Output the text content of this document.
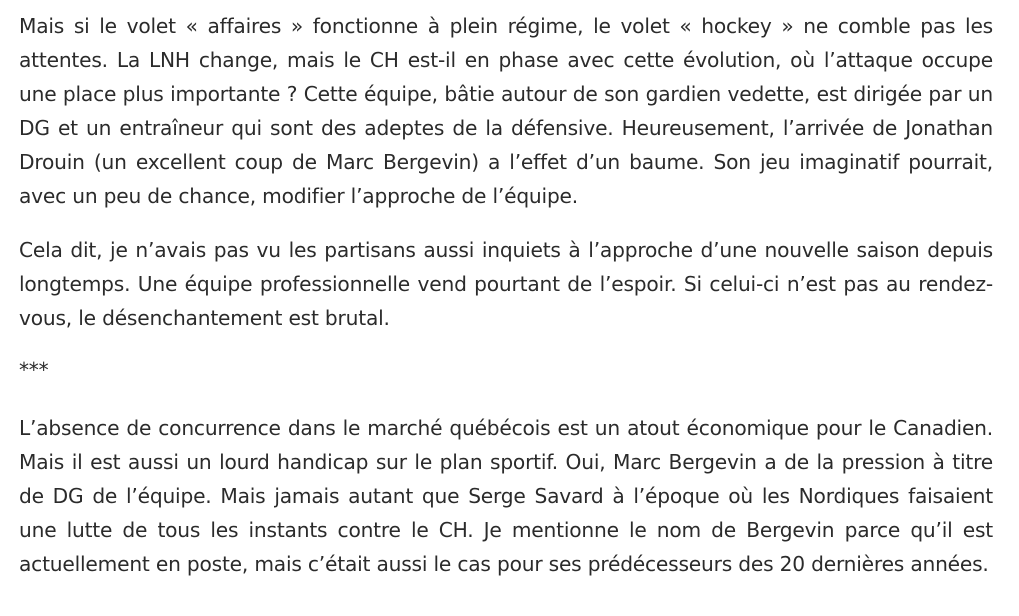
Mais si le volet « affaires » fonctionne à plein régime, le volet « hockey » ne comble pas les attentes. La LNH change, mais le CH est-il en phase avec cette évolution, où l’attaque occupe une place plus importante ? Cette équipe, bâtie autour de son gardien vedette, est dirigée par un DG et un entraîneur qui sont des adeptes de la défensive. Heureusement, l’arrivée de Jonathan Drouin (un excellent coup de Marc Bergevin) a l’effet d’un baume. Son jeu imaginatif pourrait, avec un peu de chance, modifier l’approche de l’équipe.

Cela dit, je n’avais pas vu les partisans aussi inquiets à l’approche d’une nouvelle saison depuis longtemps. Une équipe professionnelle vend pourtant de l’espoir. Si celui-ci n’est pas au rendez-vous, le désenchantement est brutal.

***

L’absence de concurrence dans le marché québécois est un atout économique pour le Canadien. Mais il est aussi un lourd handicap sur le plan sportif. Oui, Marc Bergevin a de la pression à titre de DG de l’équipe. Mais jamais autant que Serge Savard à l’époque où les Nordiques faisaient une lutte de tous les instants contre le CH. Je mentionne le nom de Bergevin parce qu’il est actuellement en poste, mais c’était aussi le cas pour ses prédécesseurs des 20 dernières années.
